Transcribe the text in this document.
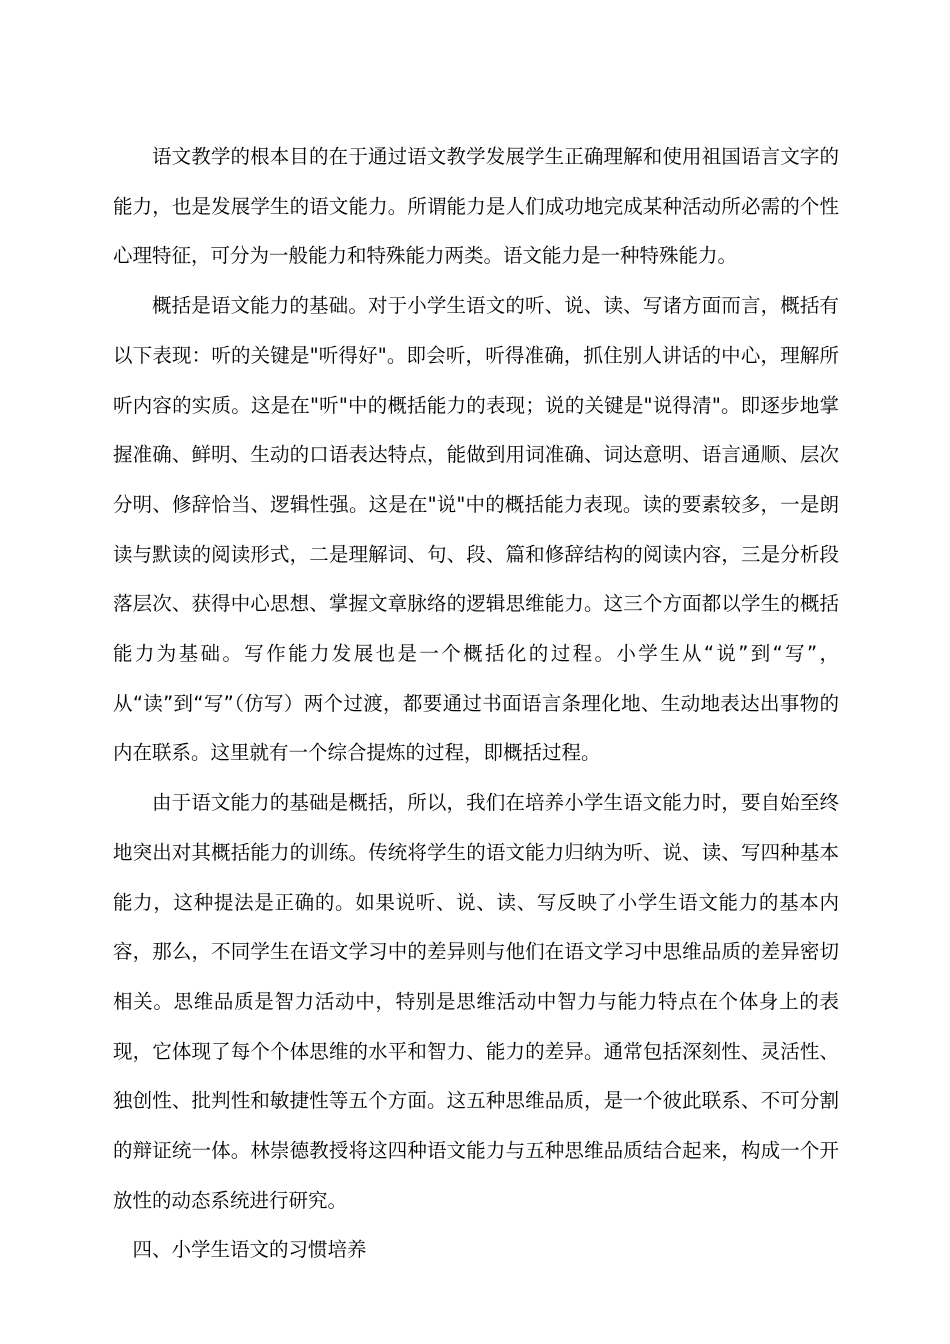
语文教学的根本目的在于通过语文教学发展学生正确理解和使用祖国语言文字的能力，也是发展学生的语文能力。所谓能力是人们成功地完成某种活动所必需的个性心理特征，可分为一般能力和特殊能力两类。语文能力是一种特殊能力。

概括是语文能力的基础。对于小学生语文的听、说、读、写诸方面而言，概括有以下表现：听的关键是"听得好"。即会听，听得准确，抓住别人讲话的中心，理解所听内容的实质。这是在"听"中的概括能力的表现；说的关键是"说得清"。即逐步地掌握准确、鲜明、生动的口语表达特点，能做到用词准确、词达意明、语言通顺、层次分明、修辞恰当、逻辑性强。这是在"说"中的概括能力表现。读的要素较多，一是朗读与默读的阅读形式，二是理解词、句、段、篇和修辞结构的阅读内容，三是分析段落层次、获得中心思想、掌握文章脉络的逻辑思维能力。这三个方面都以学生的概括能力为基础。写作能力发展也是一个概括化的过程。小学生从“说”到“写”，从“读”到“写”（仿写）两个过渡，都要通过书面语言条理化地、生动地表达出事物的内在联系。这里就有一个综合提炼的过程，即概括过程。

由于语文能力的基础是概括，所以，我们在培养小学生语文能力时，要自始至终地突出对其概括能力的训练。传统将学生的语文能力归纳为听、说、读、写四种基本能力，这种提法是正确的。如果说听、说、读、写反映了小学生语文能力的基本内容，那么，不同学生在语文学习中的差异则与他们在语文学习中思维品质的差异密切相关。思维品质是智力活动中，特别是思维活动中智力与能力特点在个体身上的表现，它体现了每个个体思维的水平和智力、能力的差异。通常包括深刻性、灵活性、独创性、批判性和敏捷性等五个方面。这五种思维品质，是一个彼此联系、不可分割的辩证统一体。林崇德教授将这四种语文能力与五种思维品质结合起来，构成一个开放性的动态系统进行研究。

四、小学生语文的习惯培养
